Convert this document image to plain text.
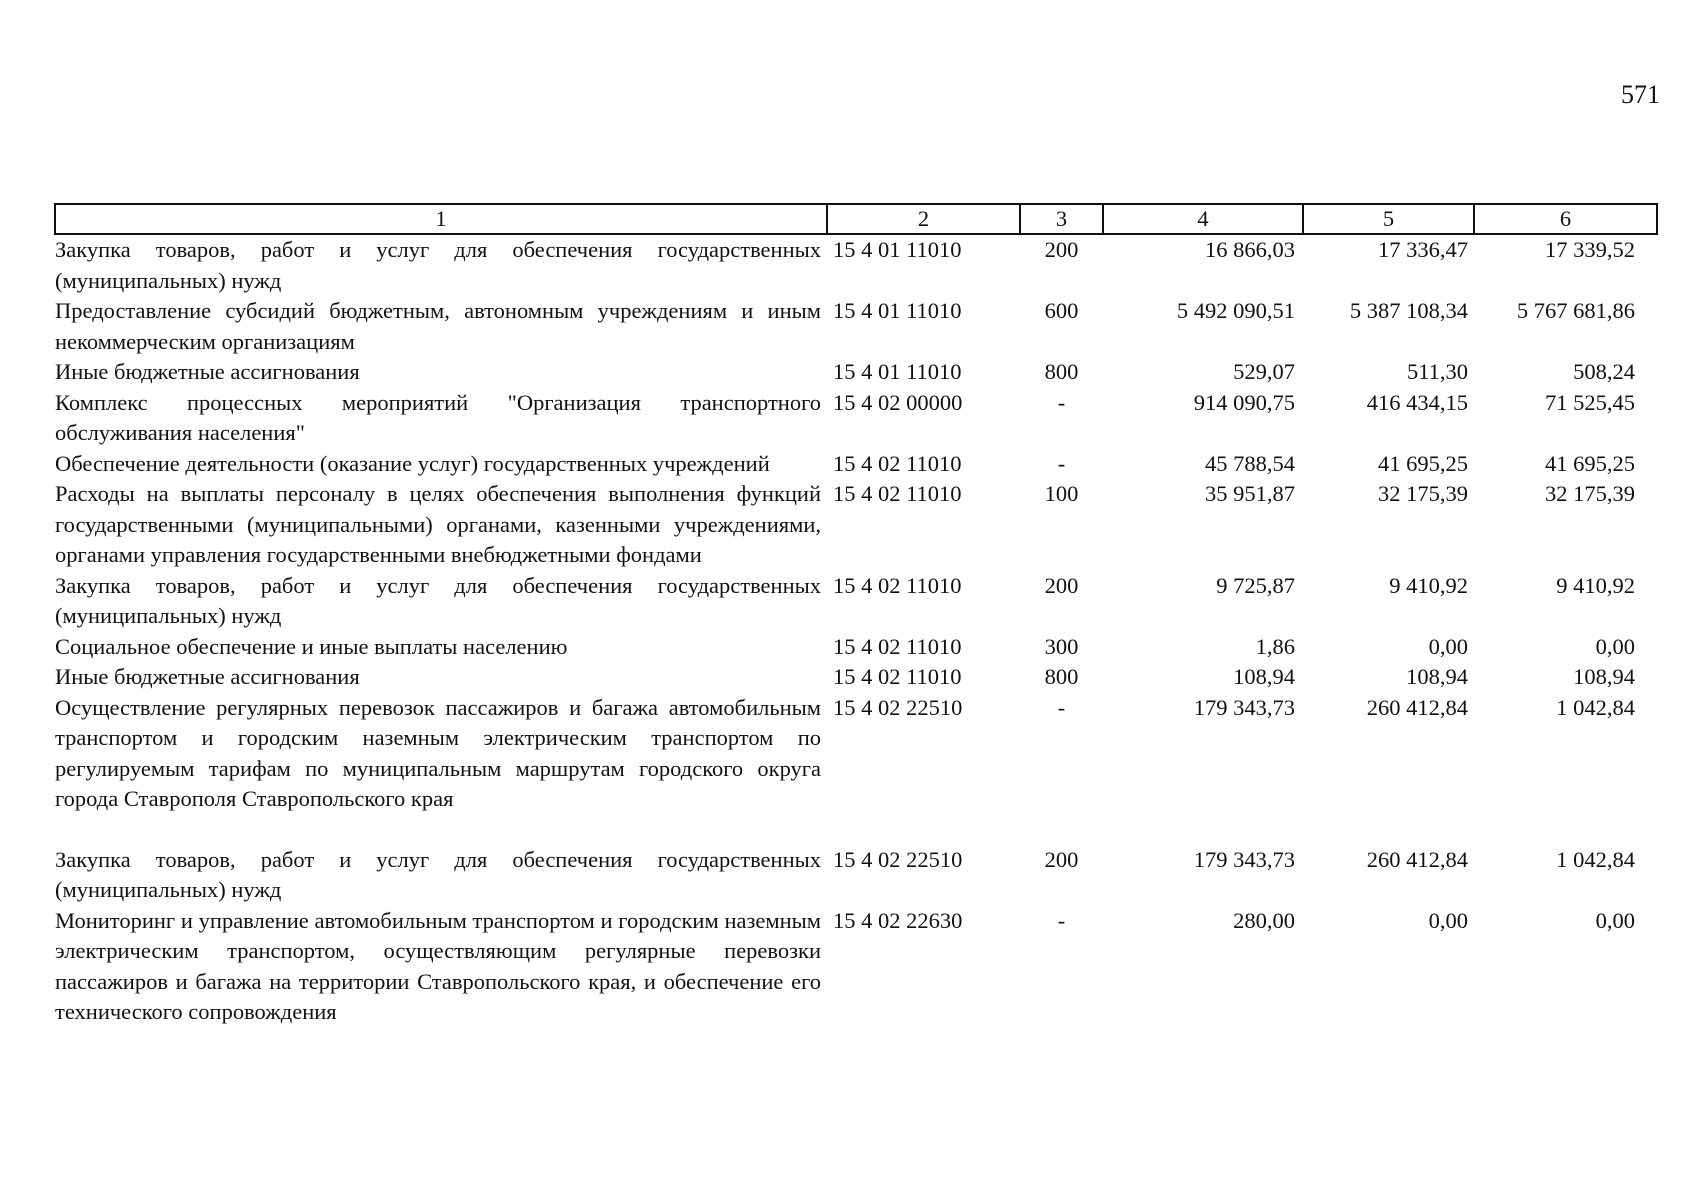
571
1	2	3	4	5	6
Закупка товаров, работ и услуг для обеспечения государственных (муниципальных) нужд	15 4 01 11010	200	16 866,03	17 336,47	17 339,52
Предоставление субсидий бюджетным, автономным учреждениям и иным некоммерческим организациям	15 4 01 11010	600	5 492 090,51	5 387 108,34	5 767 681,86
Иные бюджетные ассигнования	15 4 01 11010	800	529,07	511,30	508,24
Комплекс процессных мероприятий "Организация транспортного обслуживания населения"	15 4 02 00000	-	914 090,75	416 434,15	71 525,45
Обеспечение деятельности (оказание услуг) государственных учреждений	15 4 02 11010	-	45 788,54	41 695,25	41 695,25
Расходы на выплаты персоналу в целях обеспечения выполнения функций государственными (муниципальными) органами, казенными учреждениями, органами управления государственными внебюджетными фондами	15 4 02 11010	100	35 951,87	32 175,39	32 175,39
Закупка товаров, работ и услуг для обеспечения государственных (муниципальных) нужд	15 4 02 11010	200	9 725,87	9 410,92	9 410,92
Социальное обеспечение и иные выплаты населению	15 4 02 11010	300	1,86	0,00	0,00
Иные бюджетные ассигнования	15 4 02 11010	800	108,94	108,94	108,94
Осуществление регулярных перевозок пассажиров и багажа автомобильным транспортом и городским наземным электрическим транспортом по регулируемым тарифам по муниципальным маршрутам городского округа города Ставрополя Ставропольского края	15 4 02 22510	-	179 343,73	260 412,84	1 042,84
Закупка товаров, работ и услуг для обеспечения государственных (муниципальных) нужд	15 4 02 22510	200	179 343,73	260 412,84	1 042,84
Мониторинг и управление автомобильным транспортом и городским наземным электрическим транспортом, осуществляющим регулярные перевозки пассажиров и багажа на территории Ставропольского края, и обеспечение его технического сопровождения	15 4 02 22630	-	280,00	0,00	0,00
